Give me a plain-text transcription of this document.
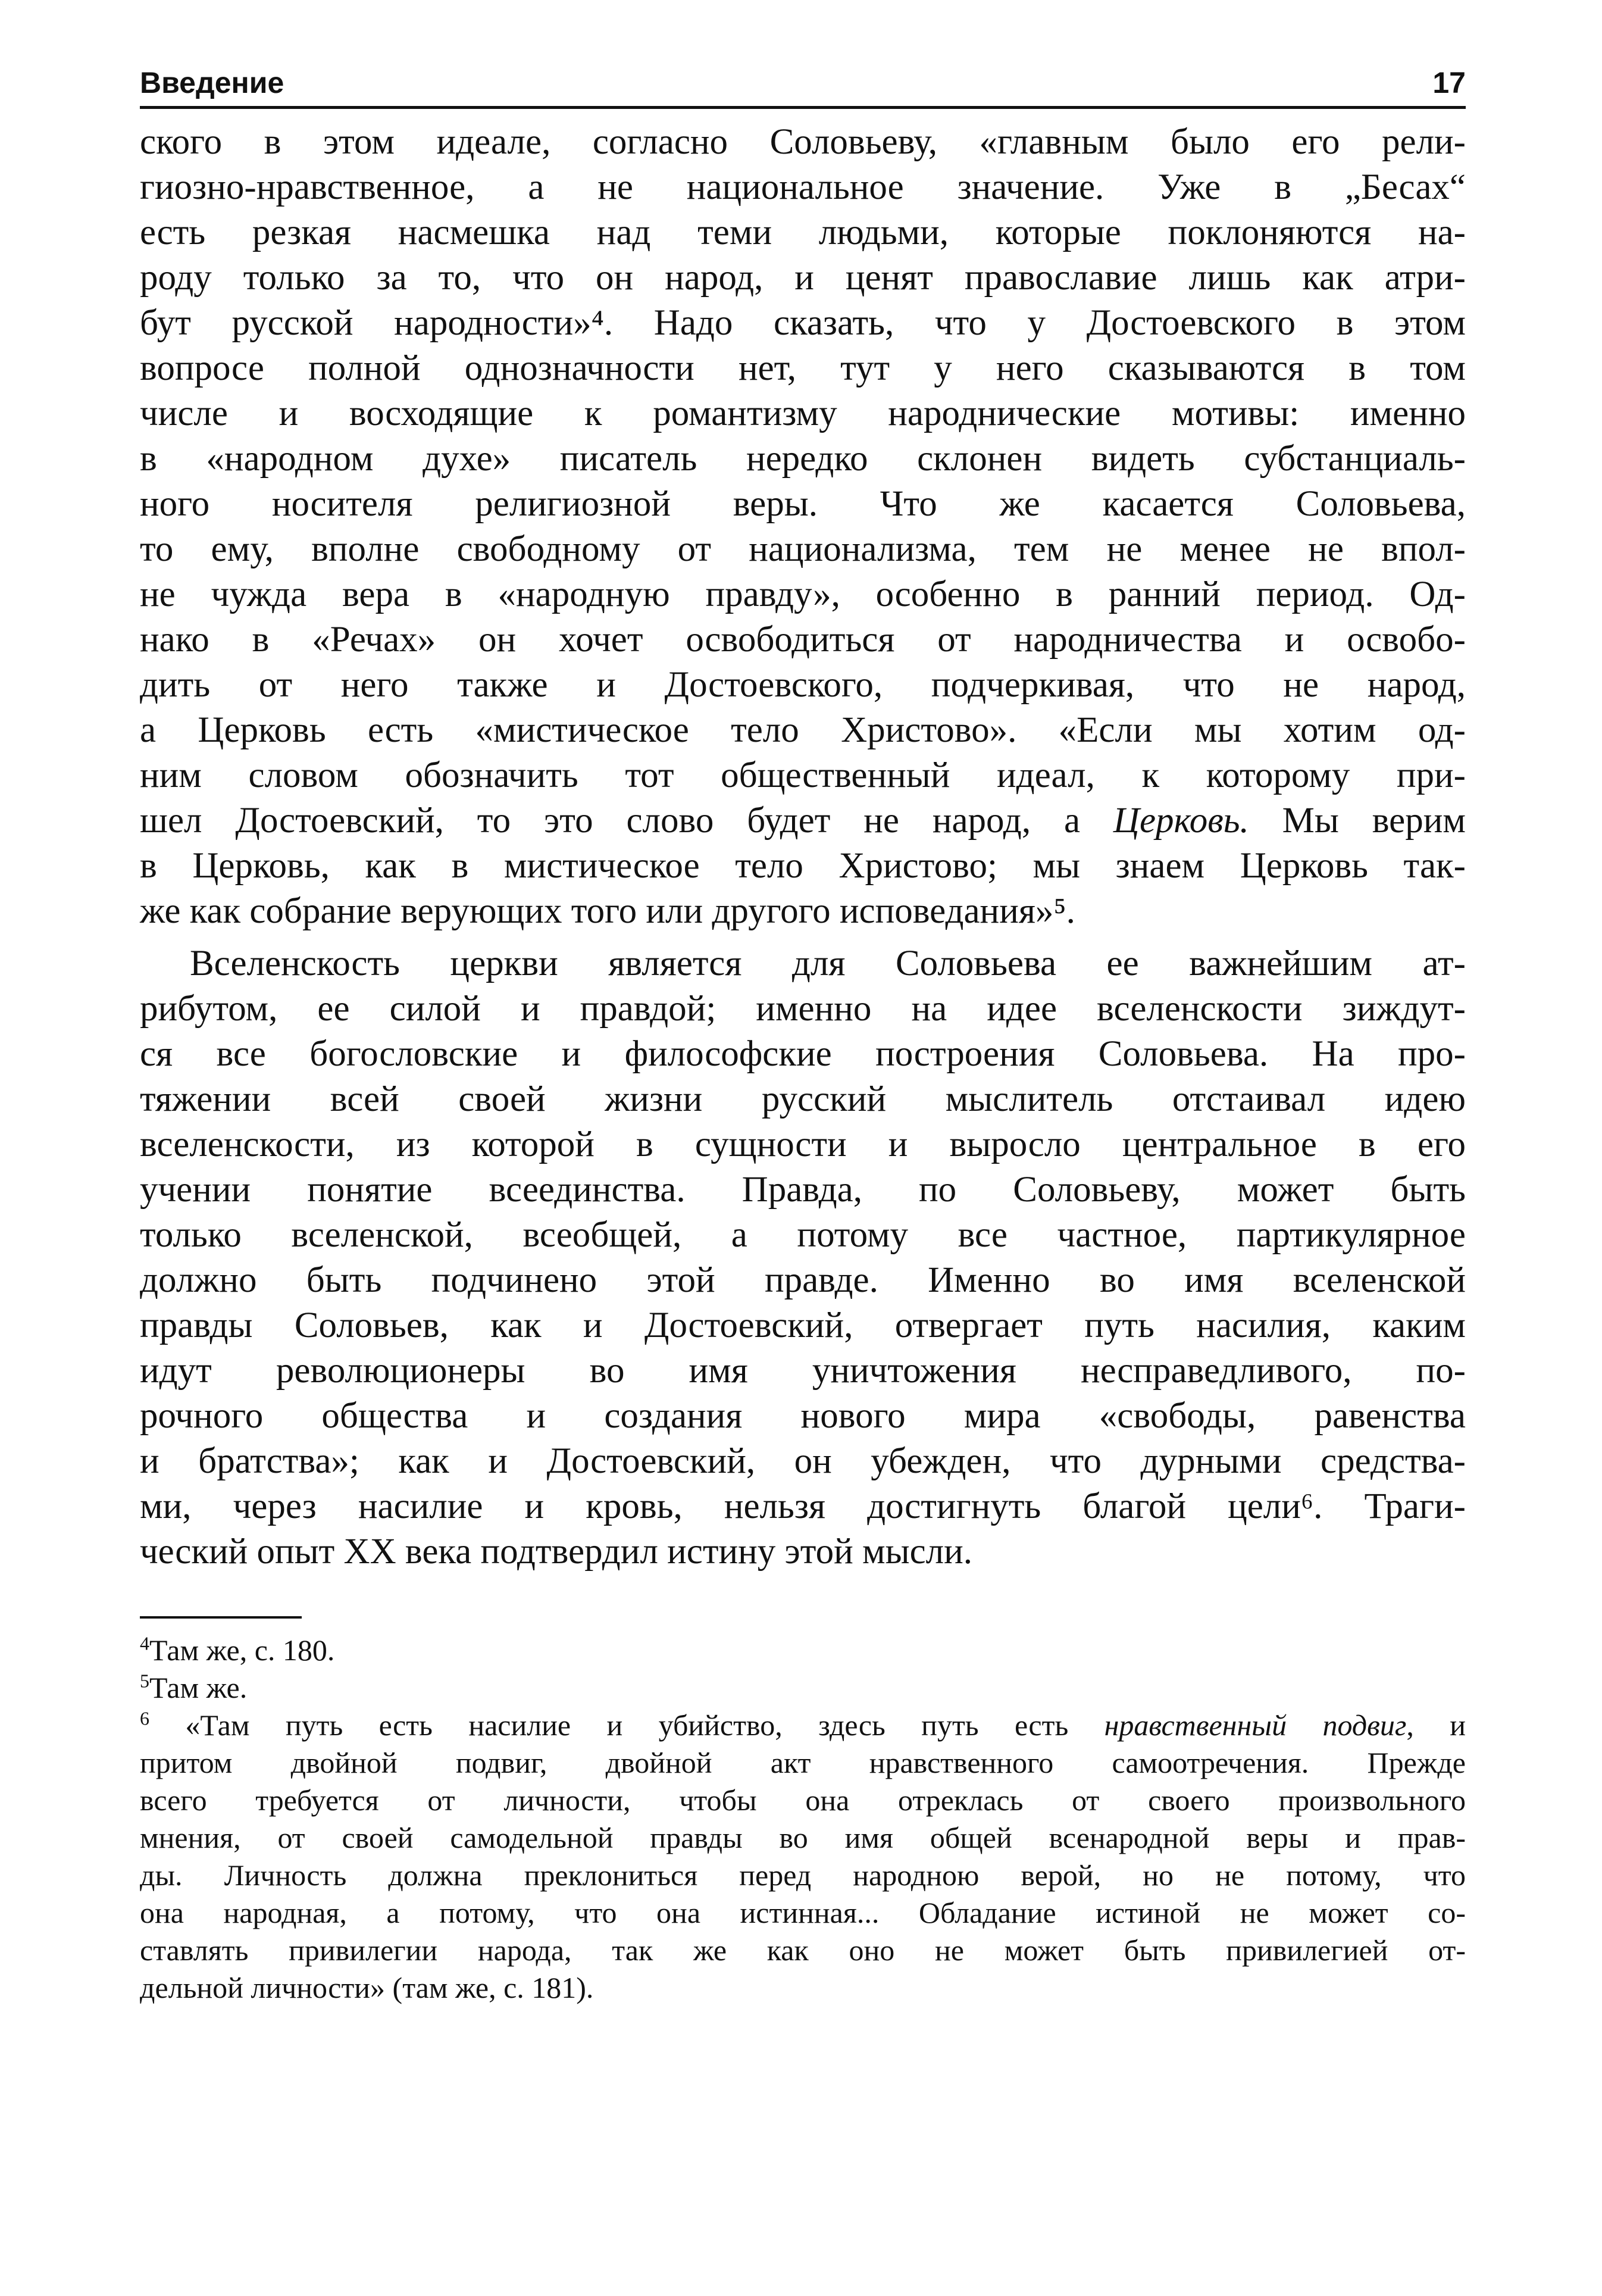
Введение	17

ского в этом идеале, согласно Соловьеву, «главным было его рели-
гиозно-нравственное, а не национальное значение. Уже в „Бесах“
есть резкая насмешка над теми людьми, которые поклоняются на-
роду только за то, что он народ, и ценят православие лишь как атри-
бут русской народности»⁴. Надо сказать, что у Достоевского в этом
вопросе полной однозначности нет, тут у него сказываются в том
числе и восходящие к романтизму народнические мотивы: именно
в «народном духе» писатель нередко склонен видеть субстанциаль-
ного носителя религиозной веры. Что же касается Соловьева,
то ему, вполне свободному от национализма, тем не менее не впол-
не чужда вера в «народную правду», особенно в ранний период. Од-
нако в «Речах» он хочет освободиться от народничества и освобо-
дить от него также и Достоевского, подчеркивая, что не народ,
а Церковь есть «мистическое тело Христово». «Если мы хотим од-
ним словом обозначить тот общественный идеал, к которому при-
шел Достоевский, то это слово будет не народ, а Церковь. Мы верим
в Церковь, как в мистическое тело Христово; мы знаем Церковь так-
же как собрание верующих того или другого исповедания»⁵.

Вселенскость церкви является для Соловьева ее важнейшим ат-
рибутом, ее силой и правдой; именно на идее вселенскости зиждут-
ся все богословские и философские построения Соловьева. На про-
тяжении всей своей жизни русский мыслитель отстаивал идею
вселенскости, из которой в сущности и выросло центральное в его
учении понятие всеединства. Правда, по Соловьеву, может быть
только вселенской, всеобщей, а потому все частное, партикулярное
должно быть подчинено этой правде. Именно во имя вселенской
правды Соловьев, как и Достоевский, отвергает путь насилия, каким
идут революционеры во имя уничтожения несправедливого, по-
рочного общества и создания нового мира «свободы, равенства
и братства»; как и Достоевский, он убежден, что дурными средства-
ми, через насилие и кровь, нельзя достигнуть благой цели⁶. Траги-
ческий опыт XX века подтвердил истину этой мысли.

$^4$Там же, с. 180.
$^5$Там же.
$^6$ «Там путь есть насилие и убийство, здесь путь есть нравственный подвиг, и
притом двойной подвиг, двойной акт нравственного самоотречения. Прежде
всего требуется от личности, чтобы она отреклась от своего произвольного
мнения, от своей самодельной правды во имя общей всенародной веры и прав-
ды. Личность должна преклониться перед народною верой, но не потому, что
она народная, а потому, что она истинная... Обладание истиной не может со-
ставлять привилегии народа, так же как оно не может быть привилегией от-
дельной личности» (там же, с. 181).
